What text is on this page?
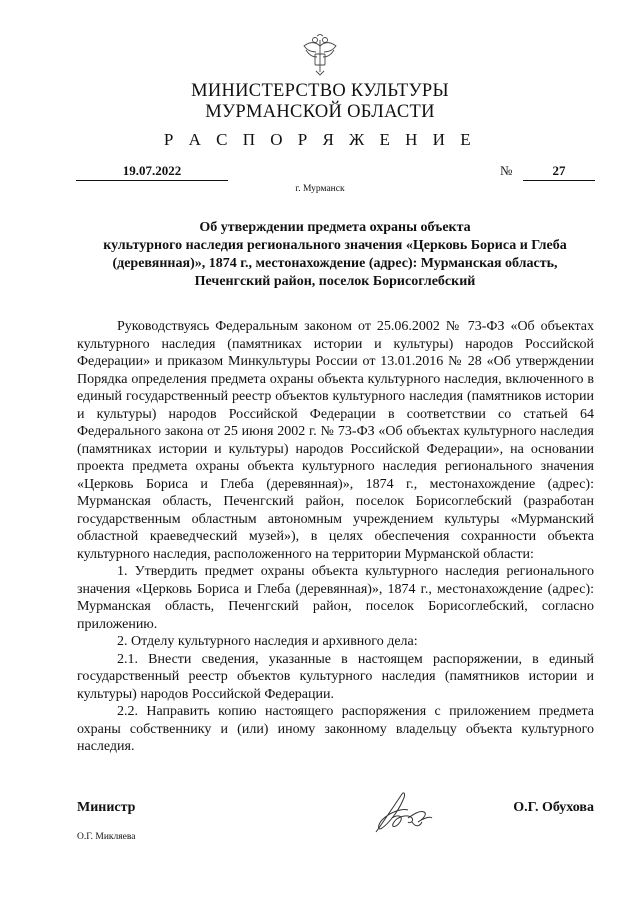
МИНИСТЕРСТВО КУЛЬТУРЫ
МУРМАНСКОЙ ОБЛАСТИ
Р А С П О Р Я Ж Е Н И Е
19.07.2022	№	27
г. Мурманск
Об утверждении предмета охраны объекта
культурного наследия регионального значения «Церковь Бориса и Глеба
(деревянная)», 1874 г., местонахождение (адрес): Мурманская область,
Печенгский район, поселок Борисоглебский

Руководствуясь Федеральным законом от 25.06.2002 № 73-ФЗ «Об объектах культурного наследия (памятниках истории и культуры) народов Российской Федерации» и приказом Минкультуры России от 13.01.2016 № 28 «Об утверждении Порядка определения предмета охраны объекта культурного наследия, включенного в единый государственный реестр объектов культурного наследия (памятников истории и культуры) народов Российской Федерации в соответствии со статьей 64 Федерального закона от 25 июня 2002 г. № 73-ФЗ «Об объектах культурного наследия (памятниках истории и культуры) народов Российской Федерации», на основании проекта предмета охраны объекта культурного наследия регионального значения «Церковь Бориса и Глеба (деревянная)», 1874 г., местонахождение (адрес): Мурманская область, Печенгский район, поселок Борисоглебский (разработан государственным областным автономным учреждением культуры «Мурманский областной краеведческий музей»), в целях обеспечения сохранности объекта культурного наследия, расположенного на территории Мурманской области:

1. Утвердить предмет охраны объекта культурного наследия регионального значения «Церковь Бориса и Глеба (деревянная)», 1874 г., местонахождение (адрес): Мурманская область, Печенгский район, поселок Борисоглебский, согласно приложению.

2. Отделу культурного наследия и архивного дела:

2.1. Внести сведения, указанные в настоящем распоряжении, в единый государственный реестр объектов культурного наследия (памятников истории и культуры) народов Российской Федерации.

2.2. Направить копию настоящего распоряжения с приложением предмета охраны собственнику и (или) иному законному владельцу объекта культурного наследия.

Министр	О.Г. Обухова
О.Г. Микляева
